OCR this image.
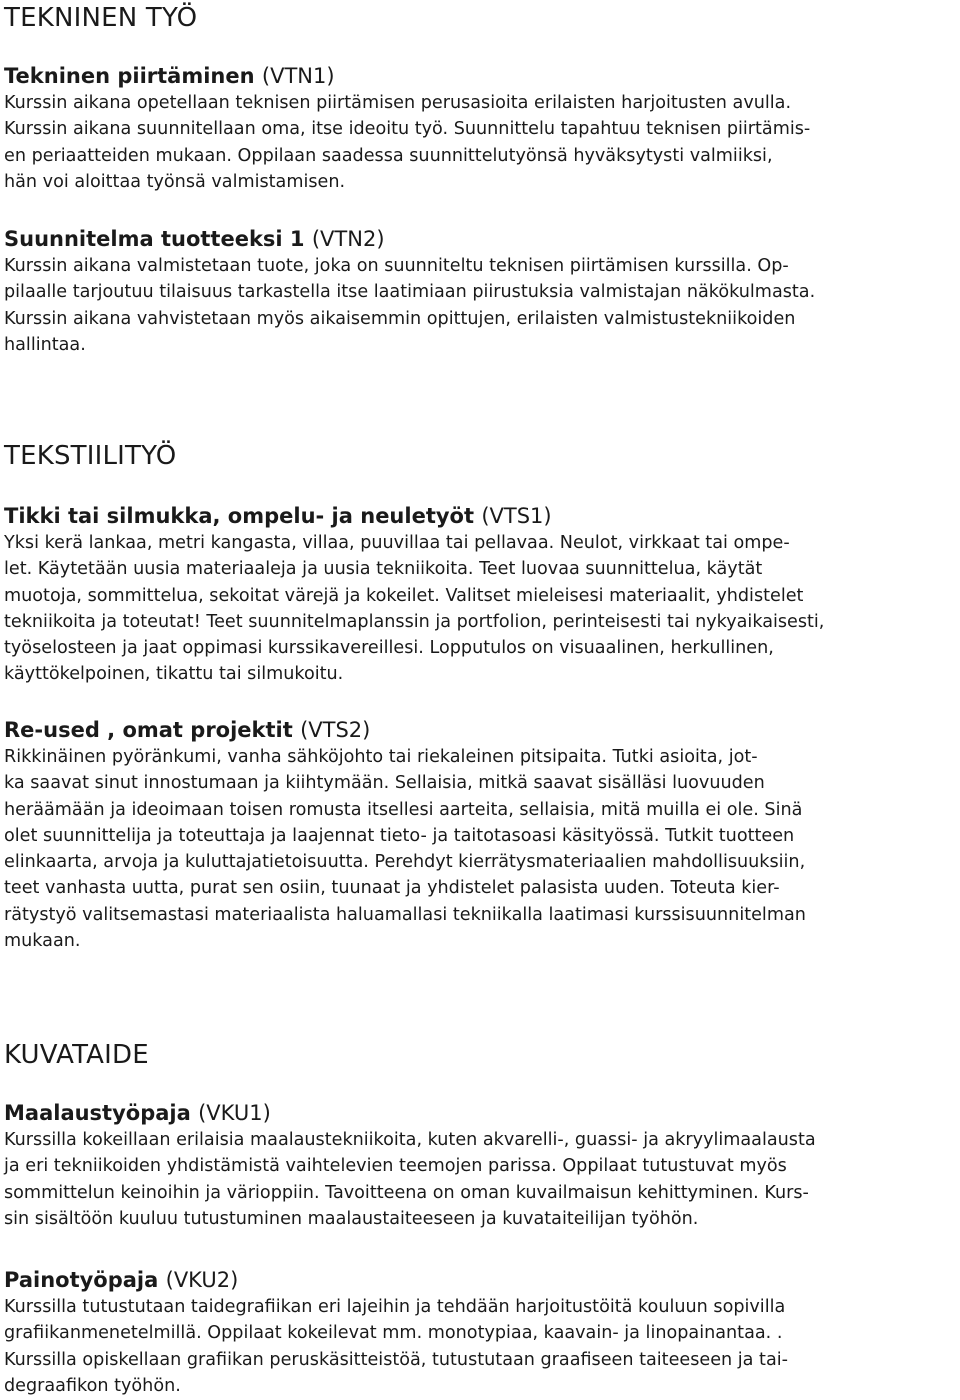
TEKNINEN TYÖ
Tekninen piirtäminen (VTN1)

Kurssin aikana opetellaan teknisen piirtämisen perusasioita erilaisten harjoitusten avulla.
Kurssin aikana suunnitellaan oma, itse ideoitu työ. Suunnittelu tapahtuu teknisen piirtämis-
en periaatteiden mukaan. Oppilaan saadessa suunnittelutyönsä hyväksytysti valmiiksi,
hän voi aloittaa työnsä valmistamisen.

Suunnitelma tuotteeksi 1 (VTN2)

Kurssin aikana valmistetaan tuote, joka on suunniteltu teknisen piirtämisen kurssilla. Op-
pilaalle tarjoutuu tilaisuus tarkastella itse laatimiaan piirustuksia valmistajan näkökulmasta.
Kurssin aikana vahvistetaan myös aikaisemmin opittujen, erilaisten valmistustekniikoiden
hallintaa.

TEKSTIILITYÖ
Tikki tai silmukka, ompelu- ja neuletyöt (VTS1)

Yksi kerä lankaa, metri kangasta, villaa, puuvillaa tai pellavaa. Neulot, virkkaat tai ompe-
let. Käytetään uusia materiaaleja ja uusia tekniikoita. Teet luovaa suunnittelua, käytät
muotoja, sommittelua, sekoitat värejä ja kokeilet. Valitset mieleisesi materiaalit, yhdistelet
tekniikoita ja toteutat! Teet suunnitelmaplanssin ja portfolion, perinteisesti tai nykyaikaisesti,
työselosteen ja jaat oppimasi kurssikavereillesi. Lopputulos on visuaalinen, herkullinen,
käyttökelpoinen, tikattu tai silmukoitu.

Re-used , omat projektit (VTS2)

Rikkinäinen pyöränkumi, vanha sähköjohto tai riekaleinen pitsipaita. Tutki asioita, jot-
ka saavat sinut innostumaan ja kiihtymään. Sellaisia, mitkä saavat sisälläsi luovuuden
heräämään ja ideoimaan toisen romusta itsellesi aarteita, sellaisia, mitä muilla ei ole. Sinä
olet suunnittelija ja toteuttaja ja laajennat tieto- ja taitotasoasi käsityössä. Tutkit tuotteen
elinkaarta, arvoja ja kuluttajatietoisuutta. Perehdyt kierrätysmateriaalien mahdollisuuksiin,
teet vanhasta uutta, purat sen osiin, tuunaat ja yhdistelet palasista uuden. Toteuta kier-
rätystyö valitsemastasi materiaalista haluamallasi tekniikalla laatimasi kurssisuunnitelman
mukaan.

KUVATAIDE
Maalaustyöpaja (VKU1)

Kurssilla kokeillaan erilaisia maalaustekniikoita, kuten akvarelli-, guassi- ja akryylimaalausta
ja eri tekniikoiden yhdistämistä vaihtelevien teemojen parissa. Oppilaat tutustuvat myös
sommittelun keinoihin ja värioppiin. Tavoitteena on oman kuvailmaisun kehittyminen. Kurs-
sin sisältöön kuuluu tutustuminen maalaustaiteeseen ja kuvataiteilijan työhön.

Painotyöpaja (VKU2)

Kurssilla tutustutaan taidegrafiikan eri lajeihin ja tehdään harjoitustöitä kouluun sopivilla
grafiikanmenetelmillä. Oppilaat kokeilevat mm. monotypiaa, kaavain- ja linopainantaa. .
Kurssilla opiskellaan grafiikan peruskäsitteistöä, tutustutaan graafiseen taiteeseen ja tai-
degraafikon työhön.
